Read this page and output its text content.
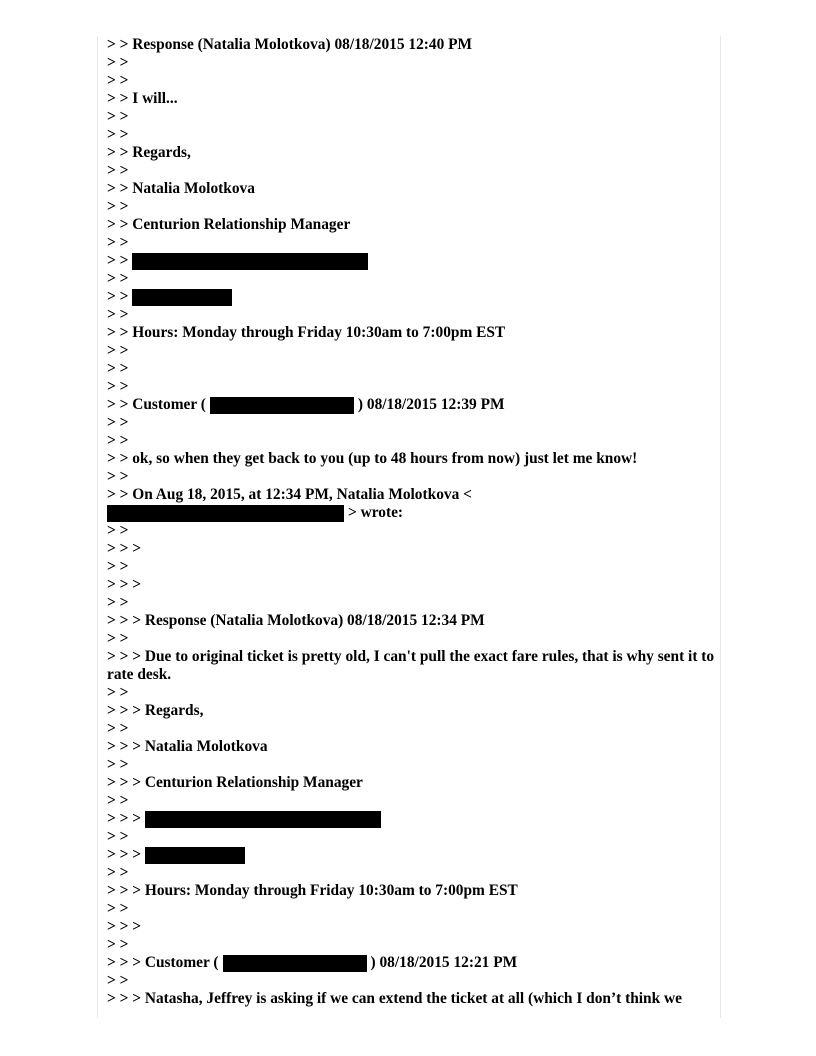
> > Response (Natalia Molotkova) 08/18/2015 12:40 PM
> >
> >
> > I will...
> >
> >
> > Regards,
> >
> > Natalia Molotkova
> >
> > Centurion Relationship Manager
> >
> >
> >
> >
> >
> > Hours: Monday through Friday 10:30am to 7:00pm EST
> >
> >
> >
> > Customer (	) 08/18/2015 12:39 PM
> >
> >
> > ok, so when they get back to you (up to 48 hours from now) just let me know!
> >
> > On Aug 18, 2015, at 12:34 PM, Natalia Molotkova <
> wrote:
> >
> > >
> >
> > >
> >
> > > Response (Natalia Molotkova) 08/18/2015 12:34 PM
> >
> > > Due to original ticket is pretty old, I can't pull the exact fare rules, that is why sent it to rate desk.
> >
> > > Regards,
> >
> > > Natalia Molotkova
> >
> > > Centurion Relationship Manager
> >
> > >
> >
> > >
> >
> > > Hours: Monday through Friday 10:30am to 7:00pm EST
> >
> > >
> >
> > > Customer (	) 08/18/2015 12:21 PM
> >
> > > Natasha, Jeffrey is asking if we can extend the ticket at all (which I don’t think we
